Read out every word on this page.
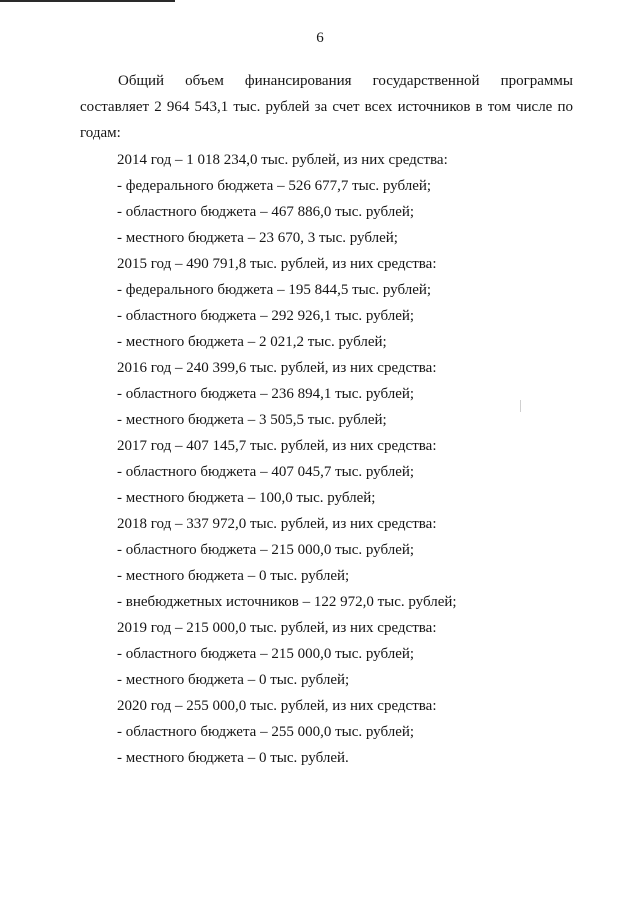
6

Общий объем финансирования государственной программы составляет 2 964 543,1 тыс. рублей за счет всех источников в том числе по годам:

2014 год – 1 018 234,0 тыс. рублей, из них средства:
- федерального бюджета – 526 677,7 тыс. рублей;
- областного бюджета – 467 886,0 тыс. рублей;
- местного бюджета – 23 670, 3 тыс. рублей;
2015 год – 490 791,8 тыс. рублей, из них средства:
- федерального бюджета – 195 844,5 тыс. рублей;
- областного бюджета – 292 926,1 тыс. рублей;
- местного бюджета – 2 021,2 тыс. рублей;
2016 год – 240 399,6 тыс. рублей, из них средства:
- областного бюджета – 236 894,1 тыс. рублей;
- местного бюджета – 3 505,5 тыс. рублей;
2017 год – 407 145,7 тыс. рублей, из них средства:
- областного бюджета – 407 045,7 тыс. рублей;
- местного бюджета – 100,0 тыс. рублей;
2018 год – 337 972,0 тыс. рублей, из них средства:
- областного бюджета – 215 000,0 тыс. рублей;
- местного бюджета – 0 тыс. рублей;
- внебюджетных источников – 122 972,0 тыс. рублей;
2019 год – 215 000,0 тыс. рублей, из них средства:
- областного бюджета – 215 000,0 тыс. рублей;
- местного бюджета – 0 тыс. рублей;
2020 год – 255 000,0 тыс. рублей, из них средства:
- областного бюджета – 255 000,0 тыс. рублей;
- местного бюджета – 0 тыс. рублей.
